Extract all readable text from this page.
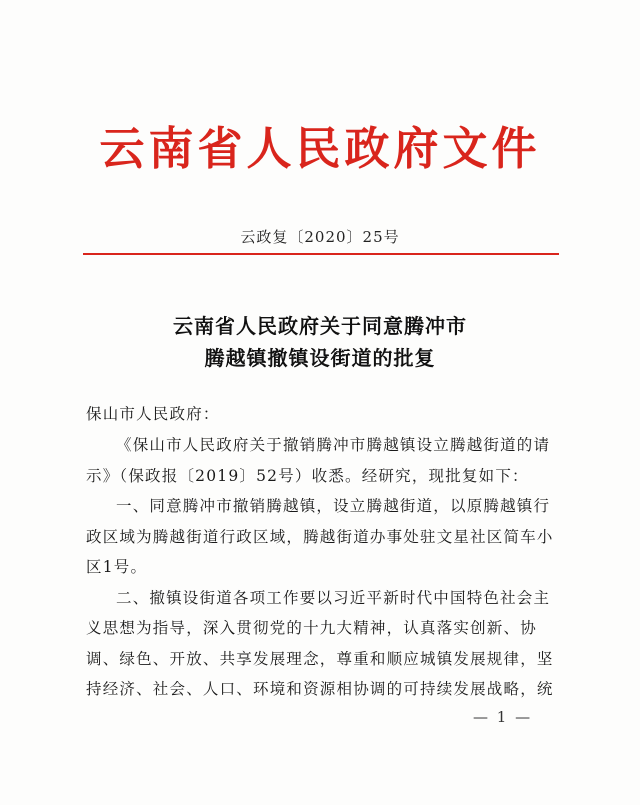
云南省人民政府文件
云政复〔2020〕25号
云南省人民政府关于同意腾冲市
腾越镇撤镇设街道的批复
保山市人民政府：
《保山市人民政府关于撤销腾冲市腾越镇设立腾越街道的请
示》（保政报〔2019〕52号）收悉。经研究，现批复如下：
一、同意腾冲市撤销腾越镇，设立腾越街道，以原腾越镇行
政区域为腾越街道行政区域，腾越街道办事处驻文星社区简车小
区1号。
二、撤镇设街道各项工作要以习近平新时代中国特色社会主
义思想为指导，深入贯彻党的十九大精神，认真落实创新、协
调、绿色、开放、共享发展理念，尊重和顺应城镇发展规律，坚
持经济、社会、人口、环境和资源相协调的可持续发展战略，统
— 1 —
